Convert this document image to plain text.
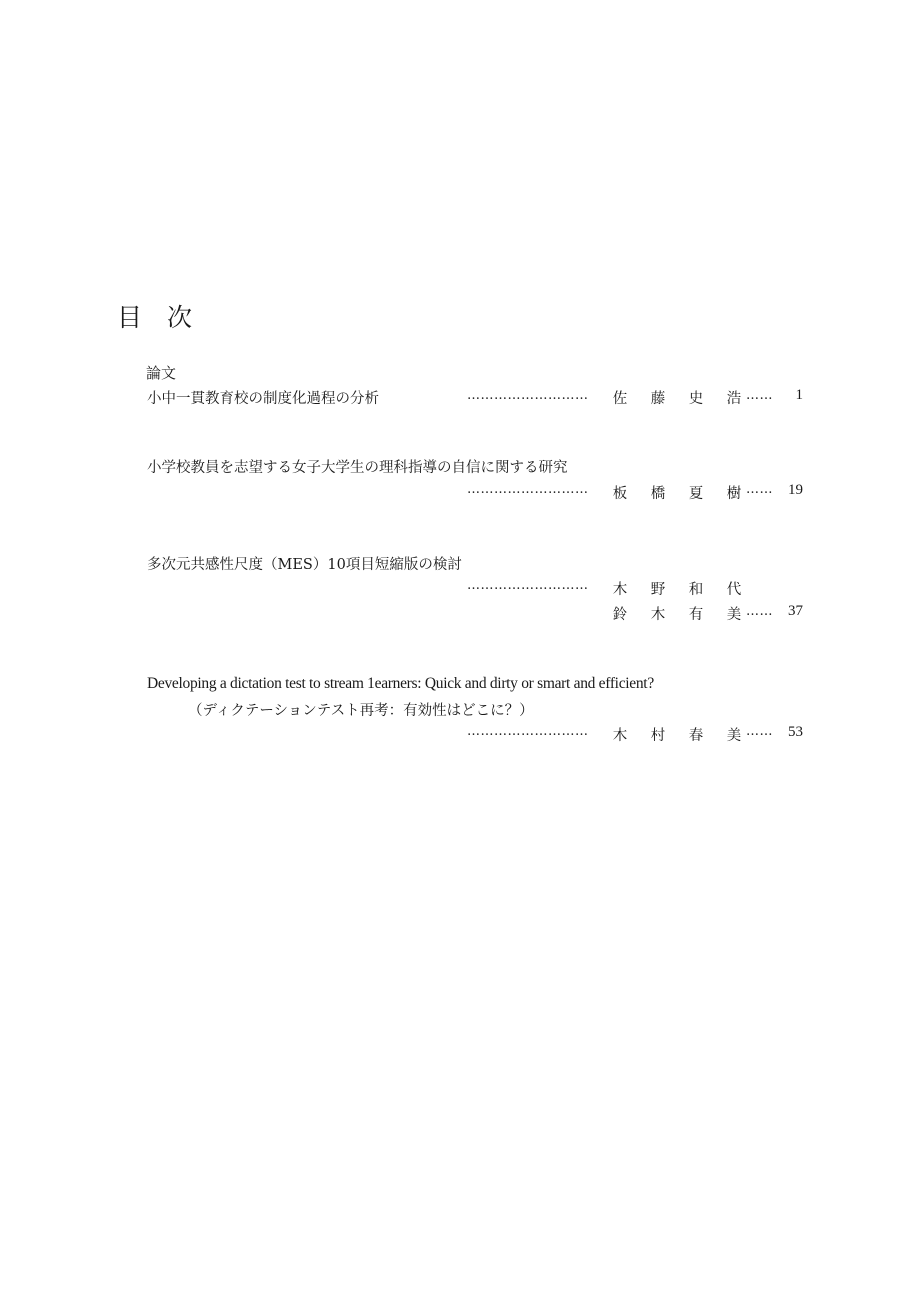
目　次
論文
小中一貫教育校の制度化過程の分析	……………………… 佐 藤 史 浩 ……	1
小学校教員を志望する女子大学生の理科指導の自信に関する研究
……………………… 板 橋 夏 樹 ……	19
多次元共感性尺度（MES）10項目短縮版の検討
……………………… 木 野 和 代
鈴 木 有 美 ……	37
Developing a dictation test to stream 1earners: Quick and dirty or smart and efficient?
（ディクテーションテスト再考：有効性はどこに？）
……………………… 木 村 春 美 ……	53
